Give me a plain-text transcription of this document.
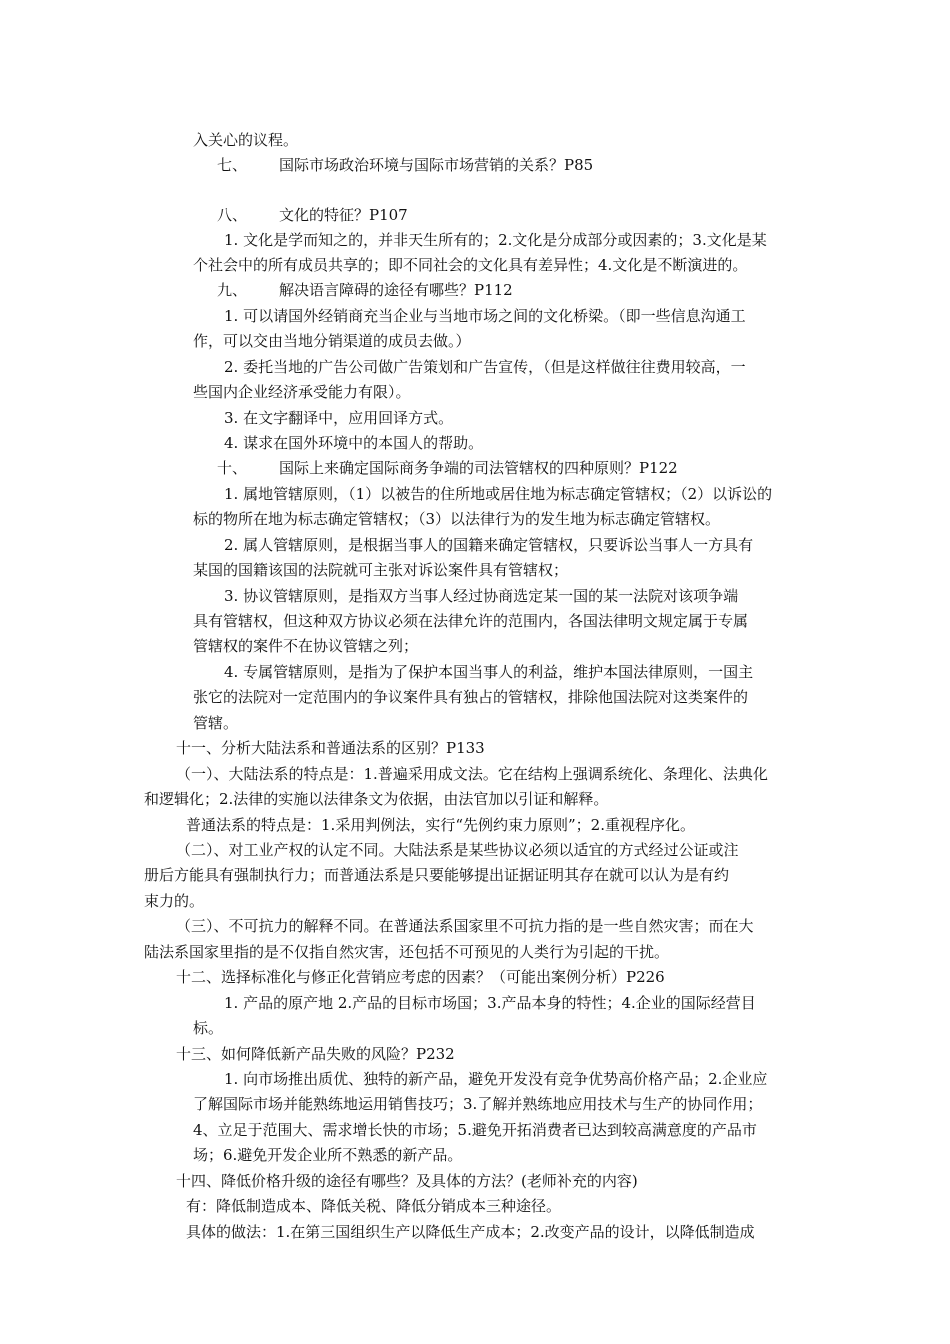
入关心的议程。
七、 国际市场政治环境与国际市场营销的关系？P85
八、 文化的特征？P107
1. 文化是学而知之的，并非天生所有的；2.文化是分成部分或因素的；3.文化是某
个社会中的所有成员共享的；即不同社会的文化具有差异性；4.文化是不断演进的。
九、 解决语言障碍的途径有哪些？P112
1. 可以请国外经销商充当企业与当地市场之间的文化桥梁。（即一些信息沟通工
作，可以交由当地分销渠道的成员去做。）
2. 委托当地的广告公司做广告策划和广告宣传，（但是这样做往往费用较高，一
些国内企业经济承受能力有限）。
3. 在文字翻译中，应用回译方式。
4. 谋求在国外环境中的本国人的帮助。
十、 国际上来确定国际商务争端的司法管辖权的四种原则？P122
1. 属地管辖原则，（1）以被告的住所地或居住地为标志确定管辖权；（2）以诉讼的
标的物所在地为标志确定管辖权；（3）以法律行为的发生地为标志确定管辖权。
2. 属人管辖原则，是根据当事人的国籍来确定管辖权，只要诉讼当事人一方具有
某国的国籍该国的法院就可主张对诉讼案件具有管辖权；
3. 协议管辖原则，是指双方当事人经过协商选定某一国的某一法院对该项争端
具有管辖权，但这种双方协议必须在法律允许的范围内，各国法律明文规定属于专属
管辖权的案件不在协议管辖之列；
4. 专属管辖原则，是指为了保护本国当事人的利益，维护本国法律原则，一国主
张它的法院对一定范围内的争议案件具有独占的管辖权，排除他国法院对这类案件的
管辖。
十一、分析大陆法系和普通法系的区别？P133
（一）、大陆法系的特点是：1.普遍采用成文法。它在结构上强调系统化、条理化、法典化
和逻辑化；2.法律的实施以法律条文为依据，由法官加以引证和解释。
普通法系的特点是：1.采用判例法，实行“先例约束力原则”；2.重视程序化。
（二）、对工业产权的认定不同。大陆法系是某些协议必须以适宜的方式经过公证或注
册后方能具有强制执行力；而普通法系是只要能够提出证据证明其存在就可以认为是有约
束力的。
（三）、不可抗力的解释不同。在普通法系国家里不可抗力指的是一些自然灾害；而在大
陆法系国家里指的是不仅指自然灾害，还包括不可预见的人类行为引起的干扰。
十二、选择标准化与修正化营销应考虑的因素？（可能出案例分析）P226
1. 产品的原产地 2.产品的目标市场国；3.产品本身的特性；4.企业的国际经营目
标。
十三、如何降低新产品失败的风险？P232
1. 向市场推出质优、独特的新产品，避免开发没有竞争优势高价格产品；2.企业应
了解国际市场并能熟练地运用销售技巧；3.了解并熟练地应用技术与生产的协同作用；
4、立足于范围大、需求增长快的市场；5.避免开拓消费者已达到较高满意度的产品市
场；6.避免开发企业所不熟悉的新产品。
十四、降低价格升级的途径有哪些？及具体的方法？(老师补充的内容)
有：降低制造成本、降低关税、降低分销成本三种途径。
具体的做法：1.在第三国组织生产以降低生产成本；2.改变产品的设计，以降低制造成
